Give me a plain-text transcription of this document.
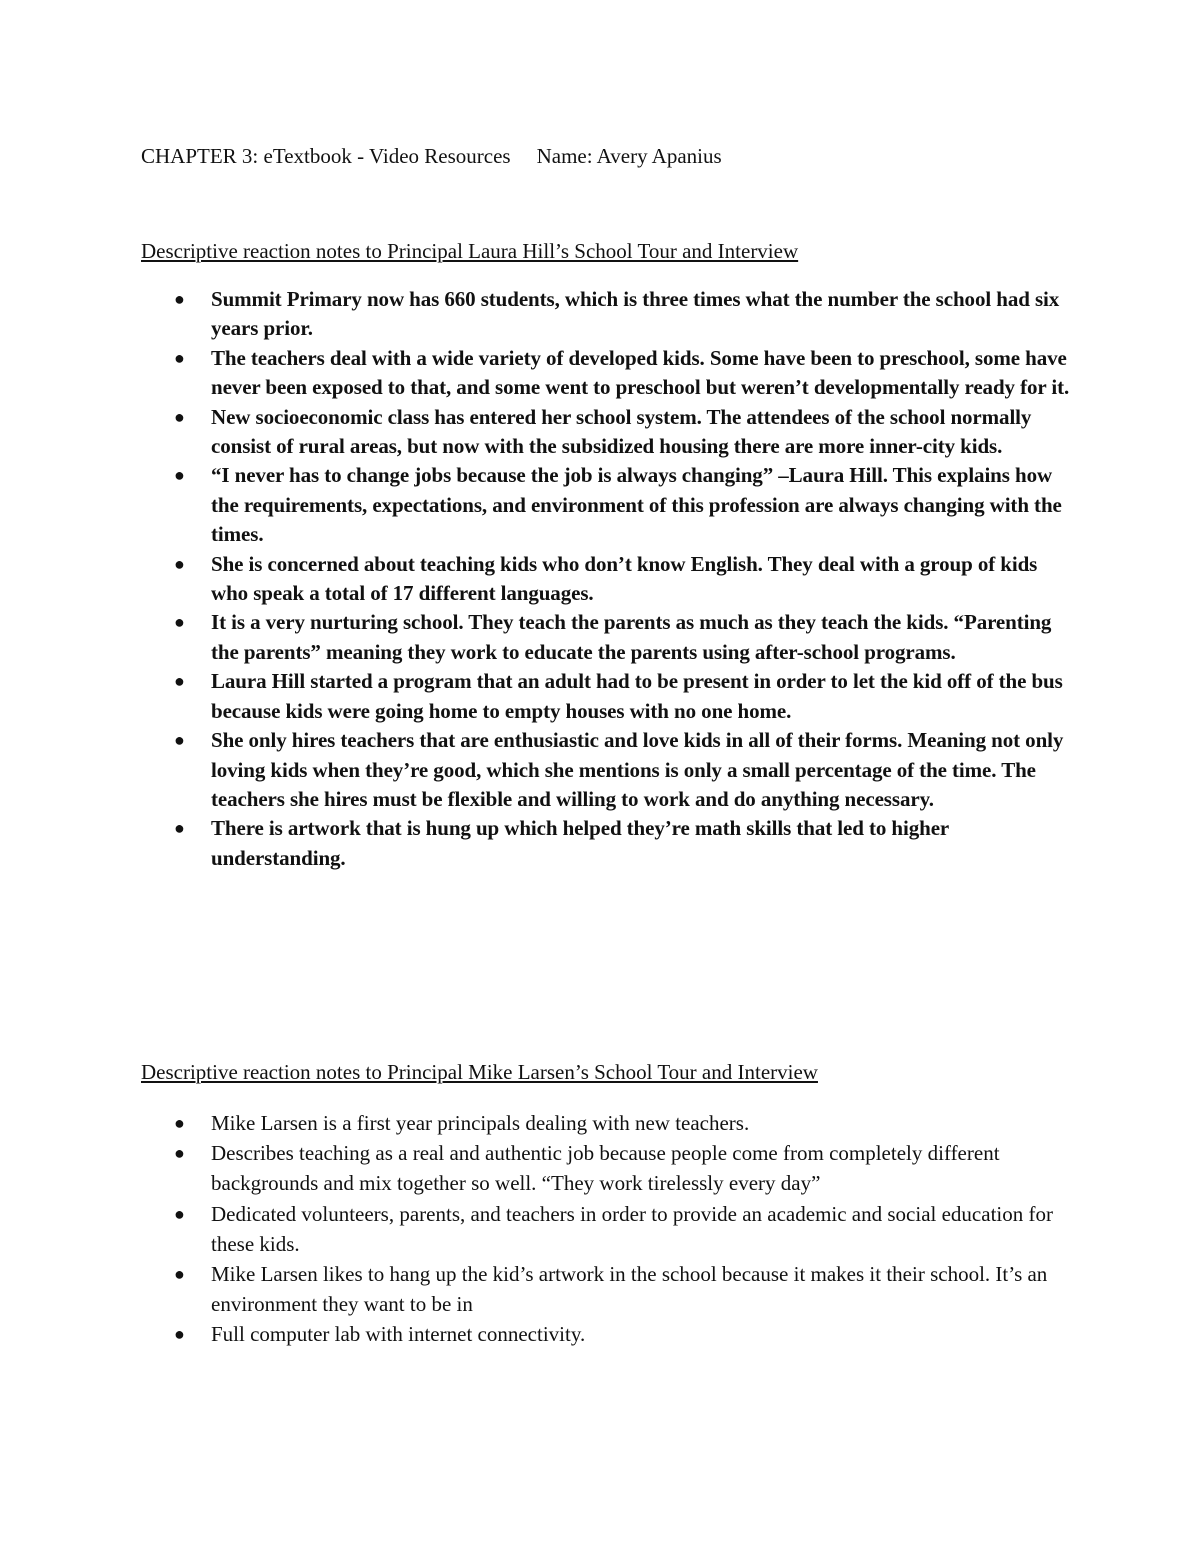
CHAPTER 3: eTextbook - Video Resources Name: Avery Apanius
Descriptive reaction notes to Principal Laura Hill’s School Tour and Interview
● Summit Primary now has 660 students, which is three times what the number the school had six years prior.
● The teachers deal with a wide variety of developed kids. Some have been to preschool, some have never been exposed to that, and some went to preschool but weren’t developmentally ready for it.
● New socioeconomic class has entered her school system. The attendees of the school normally consist of rural areas, but now with the subsidized housing there are more inner-city kids.
● “I never has to change jobs because the job is always changing” –Laura Hill. This explains how the requirements, expectations, and environment of this profession are always changing with the times.
● She is concerned about teaching kids who don’t know English. They deal with a group of kids who speak a total of 17 different languages.
● It is a very nurturing school. They teach the parents as much as they teach the kids. “Parenting the parents” meaning they work to educate the parents using after-school programs.
● Laura Hill started a program that an adult had to be present in order to let the kid off of the bus because kids were going home to empty houses with no one home.
● She only hires teachers that are enthusiastic and love kids in all of their forms. Meaning not only loving kids when they’re good, which she mentions is only a small percentage of the time. The teachers she hires must be flexible and willing to work and do anything necessary.
● There is artwork that is hung up which helped they’re math skills that led to higher understanding.
Descriptive reaction notes to Principal Mike Larsen’s School Tour and Interview
● Mike Larsen is a first year principals dealing with new teachers.
● Describes teaching as a real and authentic job because people come from completely different backgrounds and mix together so well. “They work tirelessly every day”
● Dedicated volunteers, parents, and teachers in order to provide an academic and social education for these kids.
● Mike Larsen likes to hang up the kid’s artwork in the school because it makes it their school. It’s an environment they want to be in
● Full computer lab with internet connectivity.
